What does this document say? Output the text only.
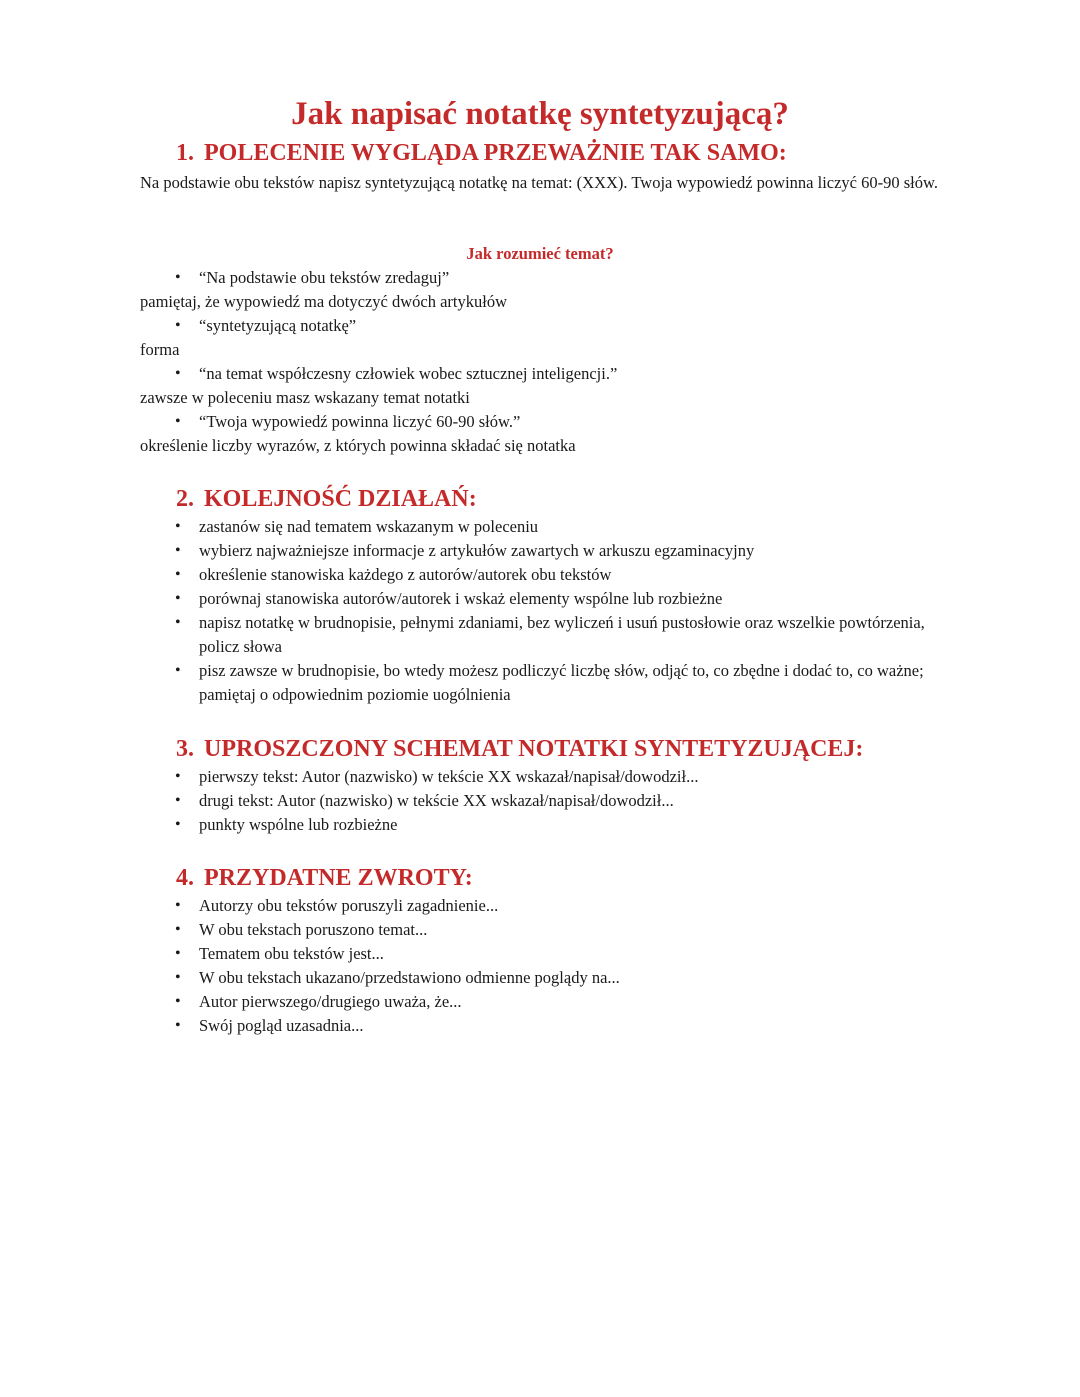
Jak napisać notatkę syntetyzującą?
1. POLECENIE WYGLĄDA PRZEWAŻNIE TAK SAMO:

Na podstawie obu tekstów napisz syntetyzującą notatkę na temat: (XXX). Twoja wypowiedź powinna liczyć 60-90 słów.

Jak rozumieć temat?

• “Na podstawie obu tekstów zredaguj”

pamiętaj, że wypowiedź ma dotyczyć dwóch artykułów

• “syntetyzującą notatkę”

forma

• “na temat współczesny człowiek wobec sztucznej inteligencji.”

zawsze w poleceniu masz wskazany temat notatki

• “Twoja wypowiedź powinna liczyć 60-90 słów.”

określenie liczby wyrazów, z których powinna składać się notatka

2. KOLEJNOŚĆ DZIAŁAŃ:
• zastanów się nad tematem wskazanym w poleceniu
• wybierz najważniejsze informacje z artykułów zawartych w arkuszu egzaminacyjny
• określenie stanowiska każdego z autorów/autorek obu tekstów
• porównaj stanowiska autorów/autorek i wskaż elementy wspólne lub rozbieżne
• napisz notatkę w brudnopisie, pełnymi zdaniami, bez wyliczeń i usuń pustosłowie oraz wszelkie powtórzenia, policz słowa
• pisz zawsze w brudnopisie, bo wtedy możesz podliczyć liczbę słów, odjąć to, co zbędne i dodać to, co ważne; pamiętaj o odpowiednim poziomie uogólnienia
3. UPROSZCZONY SCHEMAT NOTATKI SYNTETYZUJĄCEJ:
• pierwszy tekst: Autor (nazwisko) w tekście XX wskazał/napisał/dowodził...
• drugi tekst: Autor (nazwisko) w tekście XX wskazał/napisał/dowodził...
• punkty wspólne lub rozbieżne
4. PRZYDATNE ZWROTY:
• Autorzy obu tekstów poruszyli zagadnienie...
• W obu tekstach poruszono temat...
• Tematem obu tekstów jest...
• W obu tekstach ukazano/przedstawiono odmienne poglądy na...
• Autor pierwszego/drugiego uważa, że...
• Swój pogląd uzasadnia...
